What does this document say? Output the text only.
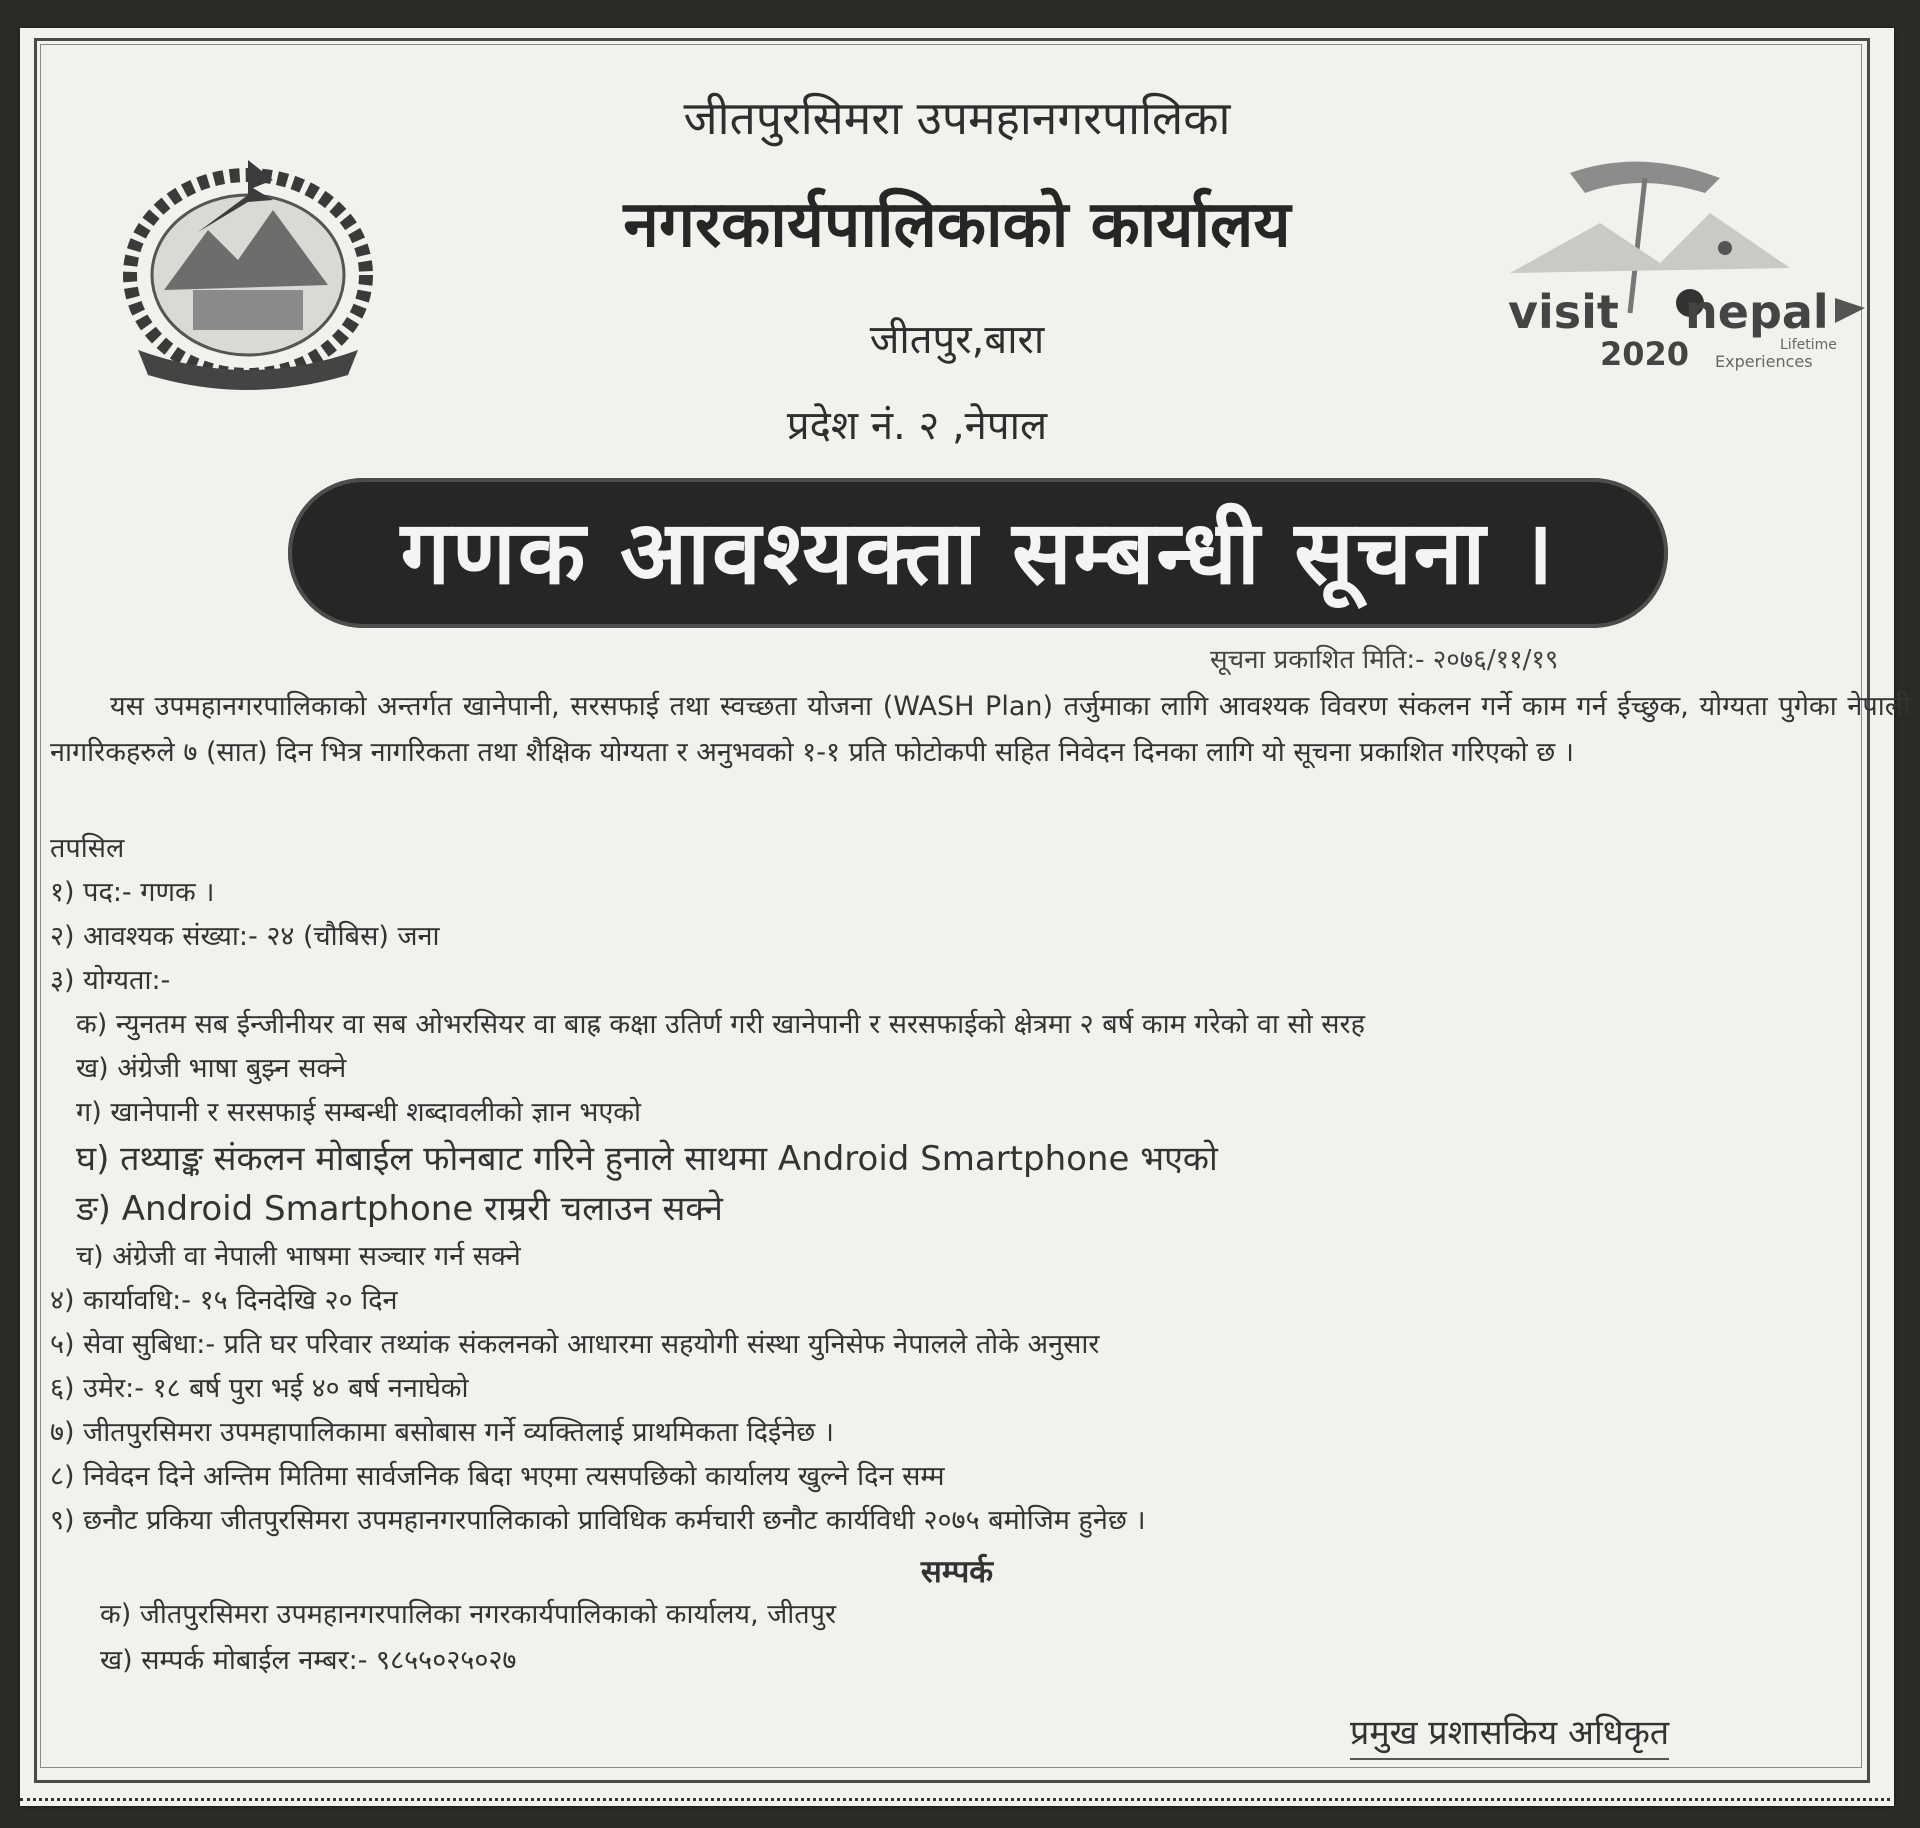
जीतपुरसिमरा उपमहानगरपालिका
नगरकार्यपालिकाको कार्यालय
जीतपुर,बारा
प्रदेश नं. २ ,नेपाल
visit nepal
2020	Lifetime
Experiences
गणक आवश्यक्ता सम्बन्धी सूचना ।
सूचना प्रकाशित मिति:- २०७६/११/१९
यस उपमहानगरपालिकाको अन्तर्गत खानेपानी, सरसफाई तथा स्वच्छता योजना (WASH Plan) तर्जुमाका लागि आवश्यक विवरण संकलन गर्ने काम गर्न ईच्छुक, योग्यता पुगेका नेपाली नागरिकहरुले ७ (सात) दिन भित्र नागरिकता तथा शैक्षिक योग्यता र अनुभवको १-१ प्रति फोटोकपी सहित निवेदन दिनका लागि यो सूचना प्रकाशित गरिएको छ ।
तपसिल
१) पद:- गणक ।
२) आवश्यक संख्या:- २४ (चौबिस) जना
३) योग्यता:-
क) न्युनतम सब ईन्जीनीयर वा सब ओभरसियर वा बाह्र कक्षा उतिर्ण गरी खानेपानी र सरसफाईको क्षेत्रमा २ बर्ष काम गरेको वा सो सरह
ख) अंग्रेजी भाषा बुझ्न सक्ने
ग) खानेपानी र सरसफाई सम्बन्धी शब्दावलीको ज्ञान भएको
घ) तथ्याङ्क संकलन मोबाईल फोनबाट गरिने हुनाले साथमा Android Smartphone भएको
ङ) Android Smartphone राम्ररी चलाउन सक्ने
च) अंग्रेजी वा नेपाली भाषमा सञ्चार गर्न सक्ने
४) कार्यावधि:- १५ दिनदेखि २० दिन
५) सेवा सुबिधा:- प्रति घर परिवार तथ्यांक संकलनको आधारमा सहयोगी संस्था युनिसेफ नेपालले तोके अनुसार
६) उमेर:- १८ बर्ष पुरा भई ४० बर्ष ननाघेको
७) जीतपुरसिमरा उपमहापालिकामा बसोबास गर्ने व्यक्तिलाई प्राथमिकता दिईनेछ ।
८) निवेदन दिने अन्तिम मितिमा सार्वजनिक बिदा भएमा त्यसपछिको कार्यालय खुल्ने दिन सम्म
९) छनौट प्रकिया जीतपुरसिमरा उपमहानगरपालिकाको प्राविधिक कर्मचारी छनौट कार्यविधी २०७५ बमोजिम हुनेछ ।
सम्पर्क
क) जीतपुरसिमरा उपमहानगरपालिका नगरकार्यपालिकाको कार्यालय, जीतपुर
ख) सम्पर्क मोबाईल नम्बर:- ९८५५०२५०२७
प्रमुख प्रशासकिय अधिकृत
